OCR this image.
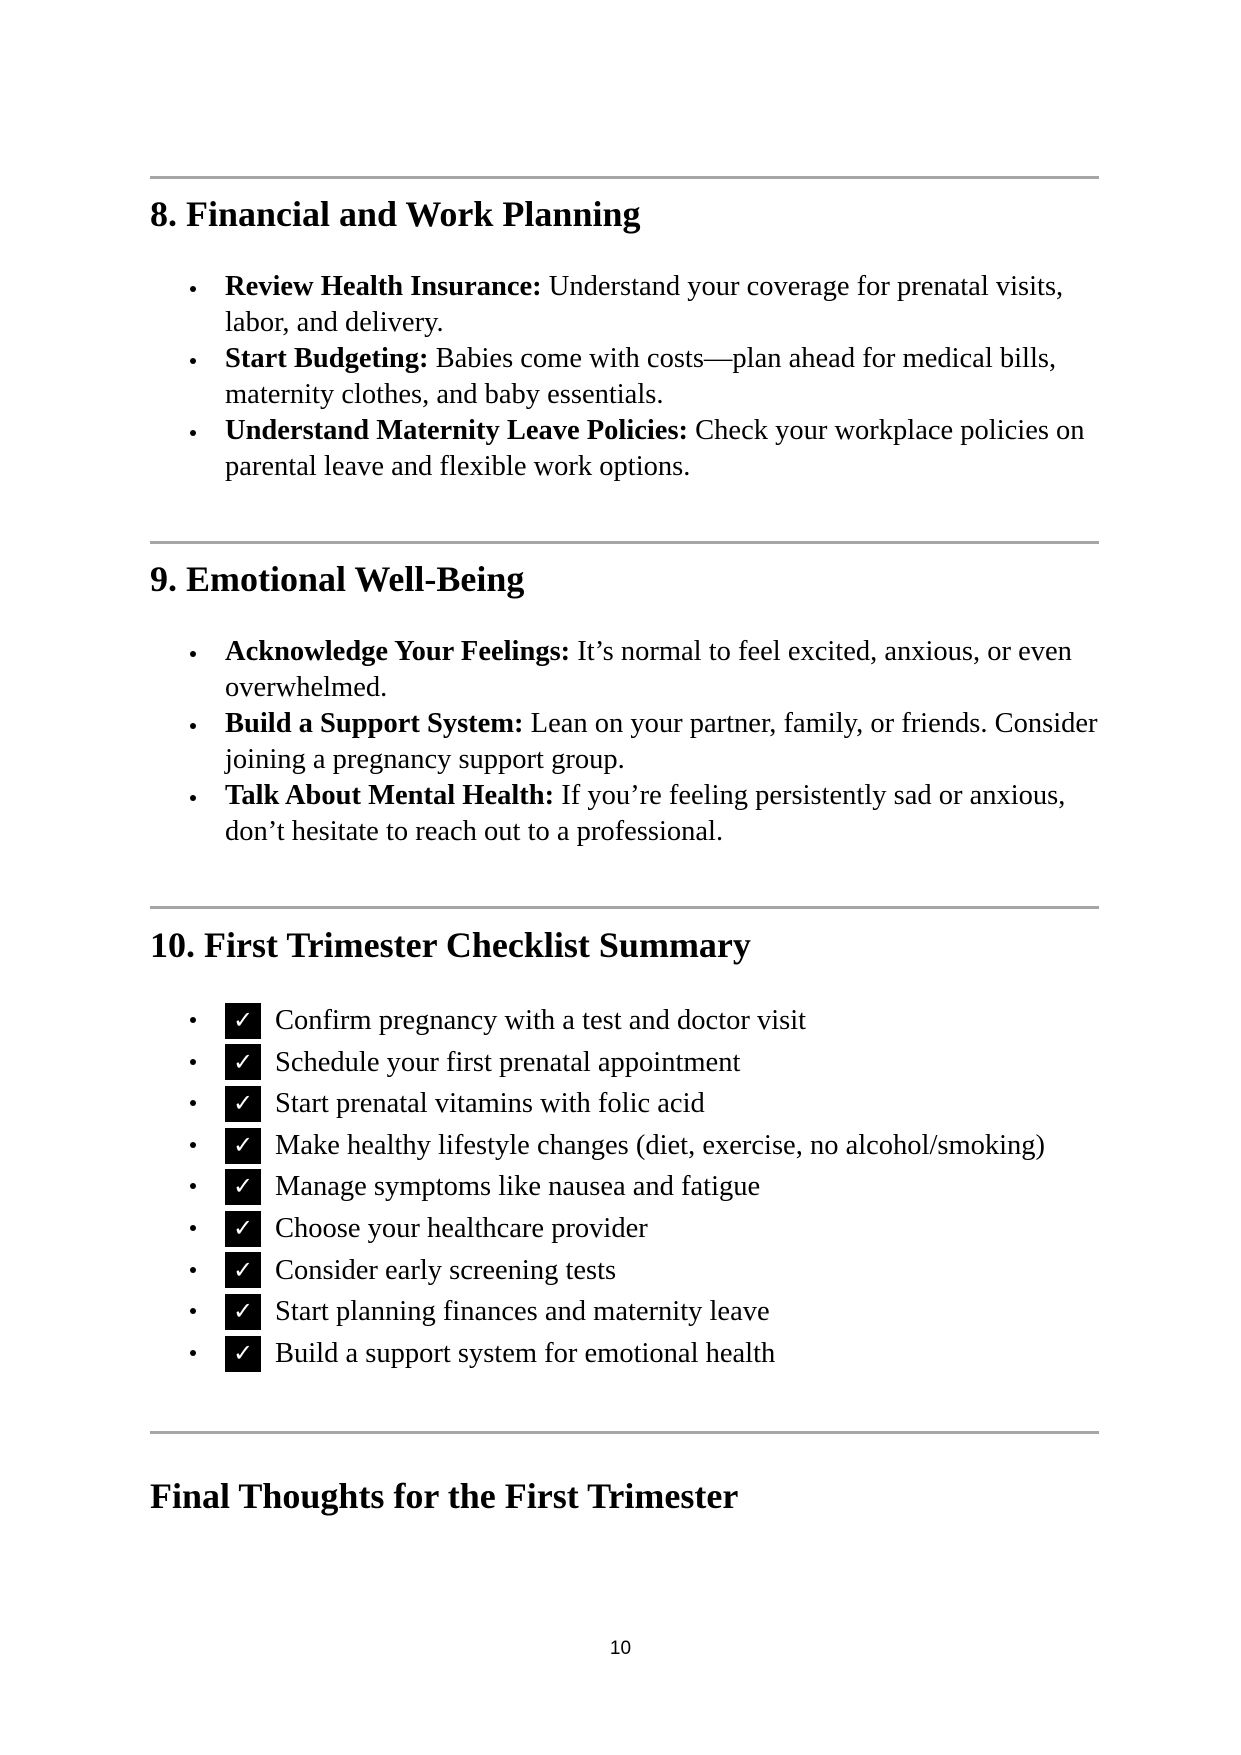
8. Financial and Work Planning
Review Health Insurance: Understand your coverage for prenatal visits, labor, and delivery.
Start Budgeting: Babies come with costs—plan ahead for medical bills, maternity clothes, and baby essentials.
Understand Maternity Leave Policies: Check your workplace policies on parental leave and flexible work options.
9. Emotional Well-Being
Acknowledge Your Feelings: It’s normal to feel excited, anxious, or even overwhelmed.
Build a Support System: Lean on your partner, family, or friends. Consider joining a pregnancy support group.
Talk About Mental Health: If you’re feeling persistently sad or anxious, don’t hesitate to reach out to a professional.
10. First Trimester Checklist Summary
✓ Confirm pregnancy with a test and doctor visit
✓ Schedule your first prenatal appointment
✓ Start prenatal vitamins with folic acid
✓ Make healthy lifestyle changes (diet, exercise, no alcohol/smoking)
✓ Manage symptoms like nausea and fatigue
✓ Choose your healthcare provider
✓ Consider early screening tests
✓ Start planning finances and maternity leave
✓ Build a support system for emotional health
Final Thoughts for the First Trimester
10
